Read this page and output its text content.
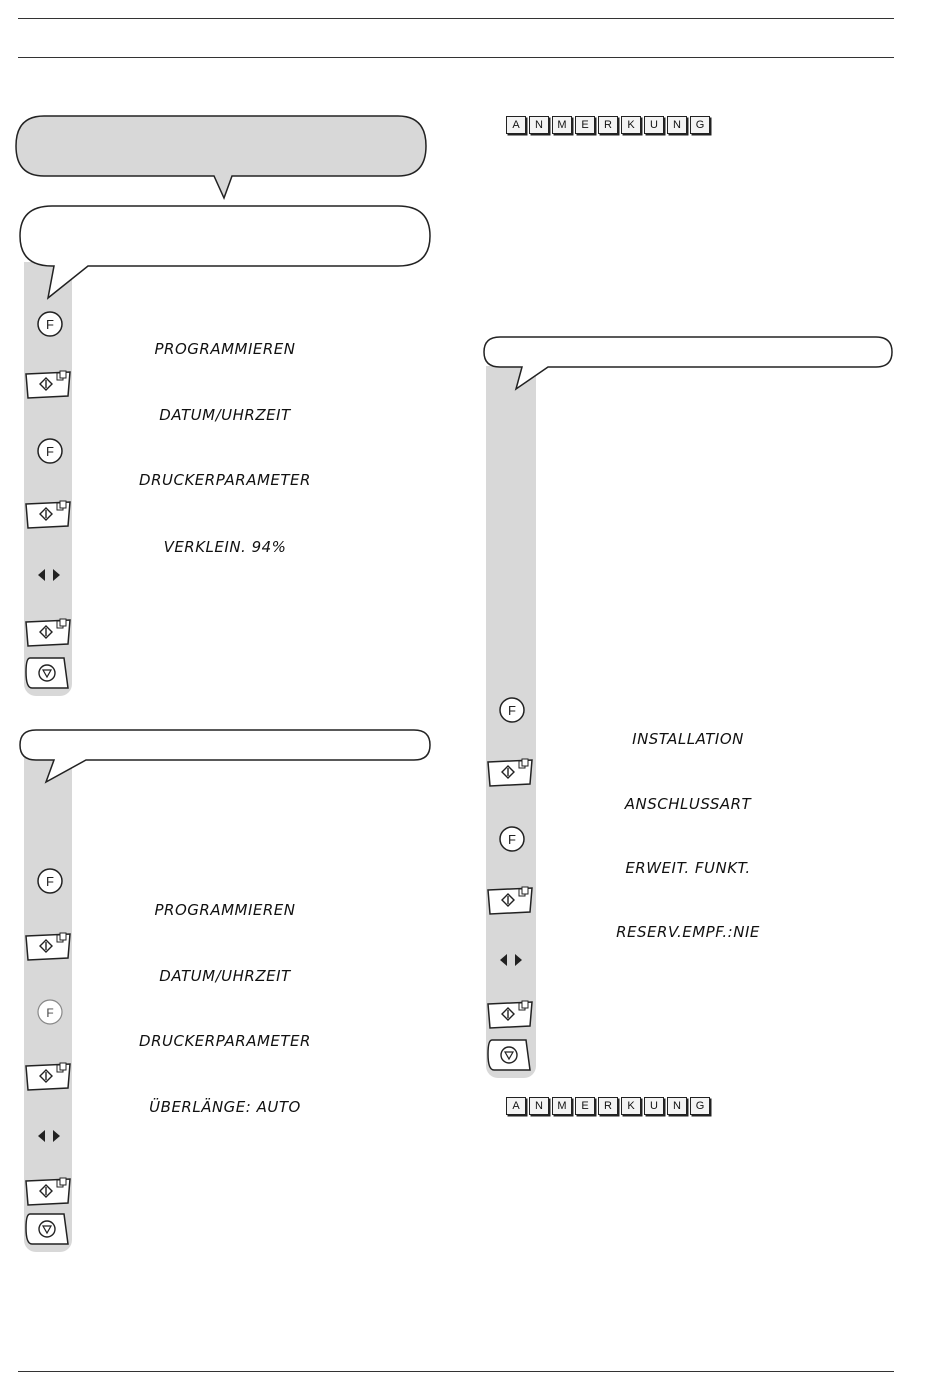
F
PROGRAMMIEREN
DATUM/UHRZEIT
F
DRUCKERPARAMETER
VERKLEIN. 94%
F
PROGRAMMIEREN
DATUM/UHRZEIT
F
DRUCKERPARAMETER
ÜBERLÄNGE: AUTO
A	N	M	E	R	K	U	N	G
F
INSTALLATION
ANSCHLUSSART
F
ERWEIT. FUNKT.
RESERV.EMPF.:NIE
A	N	M	E	R	K	U	N	G
